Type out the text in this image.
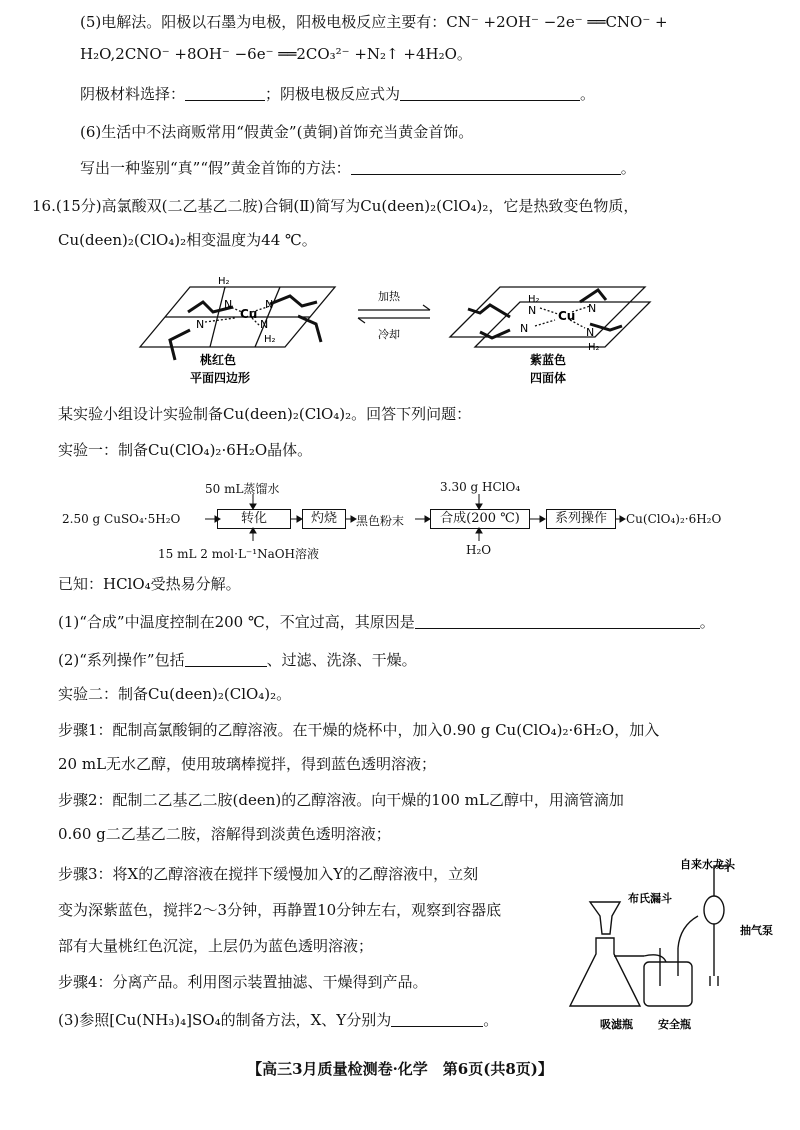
(5)电解法。阳极以石墨为电极，阳极电极反应主要有：CN⁻ +2OH⁻ −2e⁻ ══CNO⁻ +
H₂O,2CNO⁻ +8OH⁻ −6e⁻ ══2CO₃²⁻ +N₂↑ +4H₂O。
阴极材料选择：	；阴极电极反应式为	。
(6)生活中不法商贩常用“假黄金”(黄铜)首饰充当黄金首饰。
写出一种鉴别“真”“假”黄金首饰的方法：	。
16.(15分)高氯酸双(二乙基乙二胺)合铜(Ⅱ)简写为Cu(deen)₂(ClO₄)₂，它是热致变色物质，
Cu(deen)₂(ClO₄)₂相变温度为44 ℃。
H₂
N
Cu
N
N	N
H₂
桃红色
平面四边形
加热
冷却
H₂
N Cu
N
N	N
H₂
紫蓝色
四面体
某实验小组设计实验制备Cu(deen)₂(ClO₄)₂。回答下列问题：
实验一：制备Cu(ClO₄)₂·6H₂O晶体。
50 mL蒸馏水
2.50 g CuSO₄·5H₂O	转化	灼烧	黑色粉末
3.30 g HClO₄
合成(200 ℃)	系列操作	Cu(ClO₄)₂·6H₂O
15 mL 2 mol·L⁻¹NaOH溶液	H₂O
已知：HClO₄受热易分解。
(1)“合成”中温度控制在200 ℃，不宜过高，其原因是	。
(2)“系列操作”包括	、过滤、洗涤、干燥。
实验二：制备Cu(deen)₂(ClO₄)₂。
步骤1：配制高氯酸铜的乙醇溶液。在干燥的烧杯中，加入0.90 g Cu(ClO₄)₂·6H₂O，加入
20 mL无水乙醇，使用玻璃棒搅拌，得到蓝色透明溶液；
步骤2：配制二乙基乙二胺(deen)的乙醇溶液。向干燥的100 mL乙醇中，用滴管滴加
0.60 g二乙基乙二胺，溶解得到淡黄色透明溶液；
步骤3：将X的乙醇溶液在搅拌下缓慢加入Y的乙醇溶液中，立刻
变为深紫蓝色，搅拌2～3分钟，再静置10分钟左右，观察到容器底
部有大量桃红色沉淀，上层仍为蓝色透明溶液；
步骤4：分离产品。利用图示装置抽滤、干燥得到产品。
(3)参照[Cu(NH₃)₄]SO₄的制备方法，X、Y分别为	。
自来水龙头
布氏漏斗
抽气泵
吸滤瓶 安全瓶
【高三3月质量检测卷·化学　第6页(共8页)】
